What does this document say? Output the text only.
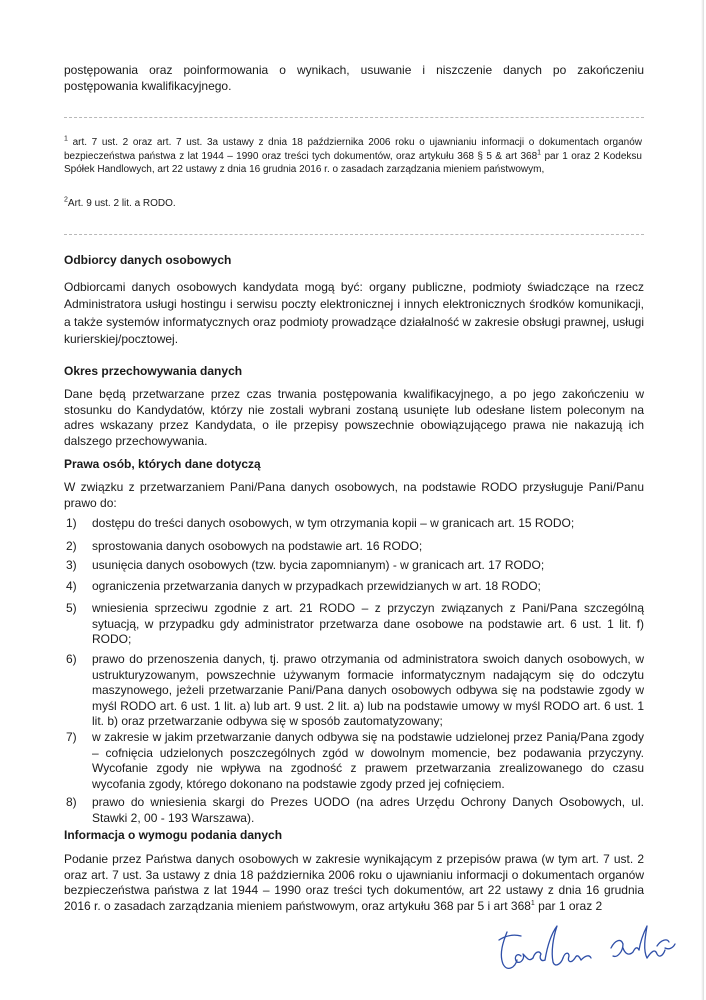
postępowania oraz poinformowania o wynikach, usuwanie i niszczenie danych po zakończeniu
postępowania kwalifikacyjnego.
$^1$ art. 7 ust. 2 oraz art. 7 ust. 3a ustawy z dnia 18 października 2006 roku o ujawnianiu informacji o dokumentach organów bezpieczeństwa państwa z lat 1944 – 1990 oraz treści tych dokumentów, oraz artykułu 368 § 5 & art $368^1$ par 1 oraz 2 Kodeksu Spółek Handlowych, art 22 ustawy z dnia 16 grudnia 2016 r. o zasadach zarządzania mieniem państwowym,
$^2$Art. 9 ust. 2 lit. a RODO.
Odbiorcy danych osobowych
Odbiorcami danych osobowych kandydata mogą być: organy publiczne, podmioty świadczące na rzecz Administratora usługi hostingu i serwisu poczty elektronicznej i innych elektronicznych środków komunikacji, a także systemów informatycznych oraz podmioty prowadzące działalność w zakresie obsługi prawnej, usługi kurierskiej/pocztowej.
Okres przechowywania danych
Dane będą przetwarzane przez czas trwania postępowania kwalifikacyjnego, a po jego zakończeniu w stosunku do Kandydatów, którzy nie zostali wybrani zostaną usunięte lub odesłane listem poleconym na adres wskazany przez Kandydata, o ile przepisy powszechnie obowiązującego prawa nie nakazują ich dalszego przechowywania.
Prawa osób, których dane dotyczą
W związku z przetwarzaniem Pani/Pana danych osobowych, na podstawie RODO przysługuje Pani/Panu prawo do:
1) dostępu do treści danych osobowych, w tym otrzymania kopii – w granicach art. 15 RODO;
2) sprostowania danych osobowych na podstawie art. 16 RODO;
3) usunięcia danych osobowych (tzw. bycia zapomnianym) - w granicach art. 17 RODO;
4) ograniczenia przetwarzania danych w przypadkach przewidzianych w art. 18 RODO;
5) wniesienia sprzeciwu zgodnie z art. 21 RODO – z przyczyn związanych z Pani/Pana szczególną sytuacją, w przypadku gdy administrator przetwarza dane osobowe na podstawie art. 6 ust. 1 lit. f) RODO;
6) prawo do przenoszenia danych, tj. prawo otrzymania od administratora swoich danych osobowych, w ustrukturyzowanym, powszechnie używanym formacie informatycznym nadającym się do odczytu maszynowego, jeżeli przetwarzanie Pani/Pana danych osobowych odbywa się na podstawie zgody w myśl RODO art. 6 ust. 1 lit. a) lub art. 9 ust. 2 lit. a) lub na podstawie umowy w myśl RODO art. 6 ust. 1 lit. b) oraz przetwarzanie odbywa się w sposób zautomatyzowany;
7) w zakresie w jakim przetwarzanie danych odbywa się na podstawie udzielonej przez Panią/Pana zgody – cofnięcia udzielonych poszczególnych zgód w dowolnym momencie, bez podawania przyczyny. Wycofanie zgody nie wpływa na zgodność z prawem przetwarzania zrealizowanego do czasu wycofania zgody, którego dokonano na podstawie zgody przed jej cofnięciem.
8) prawo do wniesienia skargi do Prezes UODO (na adres Urzędu Ochrony Danych Osobowych, ul. Stawki 2, 00 - 193 Warszawa).
Informacja o wymogu podania danych
Podanie przez Państwa danych osobowych w zakresie wynikającym z przepisów prawa (w tym art. 7 ust. 2 oraz art. 7 ust. 3a ustawy z dnia 18 października 2006 roku o ujawnianiu informacji o dokumentach organów bezpieczeństwa państwa z lat 1944 – 1990 oraz treści tych dokumentów, art 22 ustawy z dnia 16 grudnia 2016 r. o zasadach zarządzania mieniem państwowym, oraz artykułu 368 par 5 i art $368^1$ par 1 oraz 2
